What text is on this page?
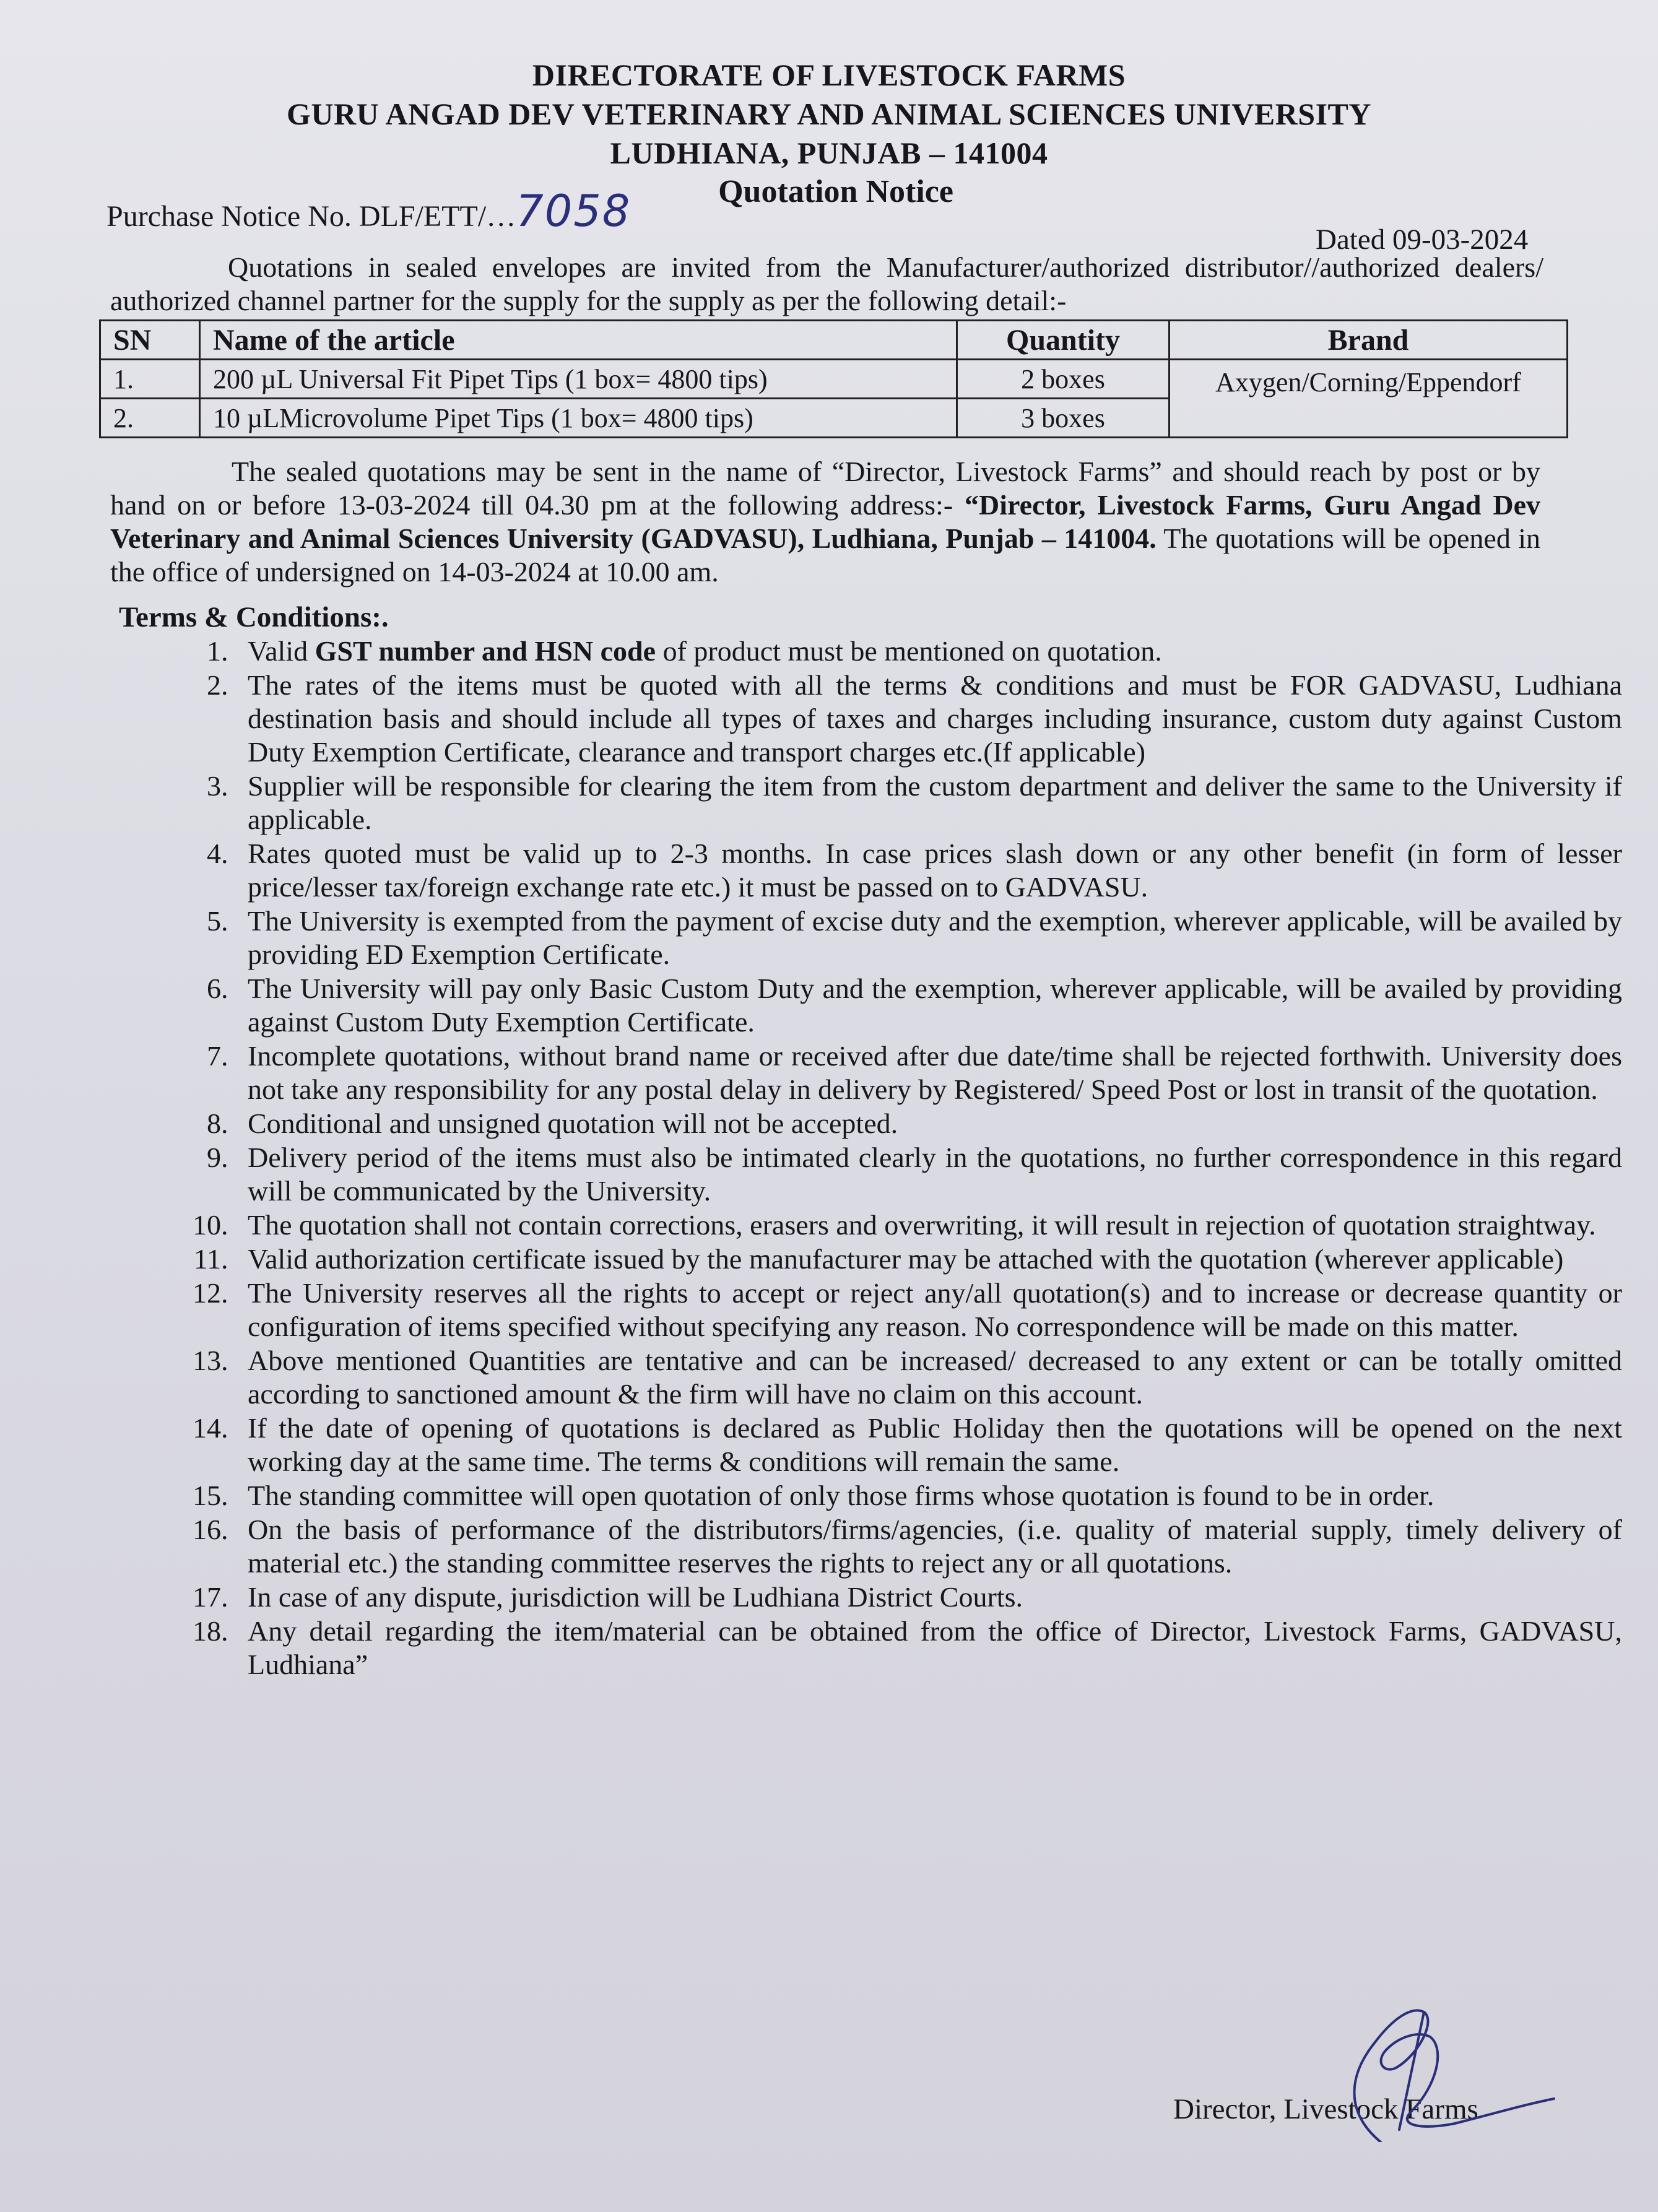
DIRECTORATE OF LIVESTOCK FARMS
GURU ANGAD DEV VETERINARY AND ANIMAL SCIENCES UNIVERSITY
LUDHIANA, PUNJAB – 141004
Purchase Notice No. DLF/ETT/…7058	Quotation Notice
Dated 09-03-2024
Quotations in sealed envelopes are invited from the Manufacturer/authorized distributor//authorized dealers/ authorized channel partner for the supply for the supply as per the following detail:-
SN	Name of the article	Quantity	Brand
1.	200 µL Universal Fit Pipet Tips (1 box= 4800 tips)	2 boxes	Axygen/Corning/Eppendorf
2.	10 µLMicrovolume Pipet Tips (1 box= 4800 tips)	3 boxes	
The sealed quotations may be sent in the name of “Director, Livestock Farms” and should reach by post or by hand on or before 13-03-2024 till 04.30 pm at the following address:- “Director, Livestock Farms, Guru Angad Dev Veterinary and Animal Sciences University (GADVASU), Ludhiana, Punjab – 141004. The quotations will be opened in the office of undersigned on 14-03-2024 at 10.00 am.
Terms & Conditions:.
1. Valid GST number and HSN code of product must be mentioned on quotation.
2. The rates of the items must be quoted with all the terms & conditions and must be FOR GADVASU, Ludhiana destination basis and should include all types of taxes and charges including insurance, custom duty against Custom Duty Exemption Certificate, clearance and transport charges etc.(If applicable)
3. Supplier will be responsible for clearing the item from the custom department and deliver the same to the University if applicable.
4. Rates quoted must be valid up to 2-3 months. In case prices slash down or any other benefit (in form of lesser price/lesser tax/foreign exchange rate etc.) it must be passed on to GADVASU.
5. The University is exempted from the payment of excise duty and the exemption, wherever applicable, will be availed by providing ED Exemption Certificate.
6. The University will pay only Basic Custom Duty and the exemption, wherever applicable, will be availed by providing against Custom Duty Exemption Certificate.
7. Incomplete quotations, without brand name or received after due date/time shall be rejected forthwith. University does not take any responsibility for any postal delay in delivery by Registered/ Speed Post or lost in transit of the quotation.
8. Conditional and unsigned quotation will not be accepted.
9. Delivery period of the items must also be intimated clearly in the quotations, no further correspondence in this regard will be communicated by the University.
10. The quotation shall not contain corrections, erasers and overwriting, it will result in rejection of quotation straightway.
11. Valid authorization certificate issued by the manufacturer may be attached with the quotation (wherever applicable)
12. The University reserves all the rights to accept or reject any/all quotation(s) and to increase or decrease quantity or configuration of items specified without specifying any reason. No correspondence will be made on this matter.
13. Above mentioned Quantities are tentative and can be increased/ decreased to any extent or can be totally omitted according to sanctioned amount & the firm will have no claim on this account.
14. If the date of opening of quotations is declared as Public Holiday then the quotations will be opened on the next working day at the same time. The terms & conditions will remain the same.
15. The standing committee will open quotation of only those firms whose quotation is found to be in order.
16. On the basis of performance of the distributors/firms/agencies, (i.e. quality of material supply, timely delivery of material etc.) the standing committee reserves the rights to reject any or all quotations.
17. In case of any dispute, jurisdiction will be Ludhiana District Courts.
18. Any detail regarding the item/material can be obtained from the office of Director, Livestock Farms, GADVASU, Ludhiana”
Director, Livestock Farms
